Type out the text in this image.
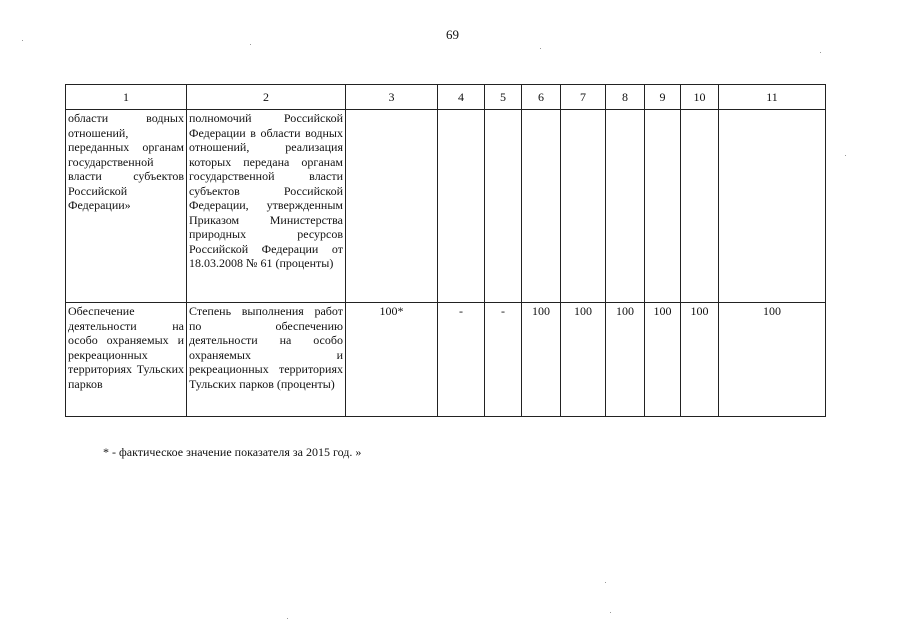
69
1	2	3	4	5	6	7	8	9	10	11
области водных отношений, переданных органам государственной власти субъектов Российской Федерации»	полномочий Российской Федерации в области водных отношений, реализация которых передана органам государственной власти субъектов Российской Федерации, утвержденным Приказом Министерства природных ресурсов Российской Федерации от 18.03.2008 № 61 (проценты)									
Обеспечение деятельности на особо охраняемых и рекреационных территориях Тульских парков	Степень выполнения работ по обеспечению деятельности на особо охраняемых и рекреационных территориях Тульских парков (проценты)	100*	-	-	100	100	100	100	100	100
* - фактическое значение показателя за 2015 год. »
